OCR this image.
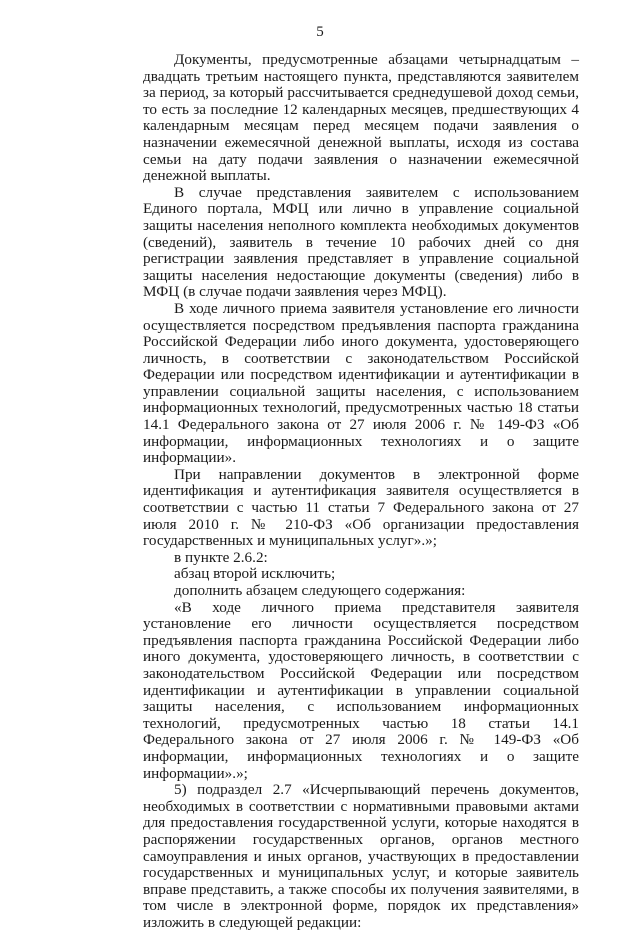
5

Документы, предусмотренные абзацами четырнадцатым – двадцать третьим настоящего пункта, представляются заявителем за период, за который рассчитывается среднедушевой доход семьи, то есть за последние 12 календарных месяцев, предшествующих 4 календарным месяцам перед месяцем подачи заявления о назначении ежемесячной денежной выплаты, исходя из состава семьи на дату подачи заявления о назначении ежемесячной денежной выплаты.

В случае представления заявителем с использованием Единого портала, МФЦ или лично в управление социальной защиты населения неполного комплекта необходимых документов (сведений), заявитель в течение 10 рабочих дней со дня регистрации заявления представляет в управление социальной защиты населения недостающие документы (сведения) либо в МФЦ (в случае подачи заявления через МФЦ).

В ходе личного приема заявителя установление его личности осуществляется посредством предъявления паспорта гражданина Российской Федерации либо иного документа, удостоверяющего личность, в соответствии с законодательством Российской Федерации или посредством идентификации и аутентификации в управлении социальной защиты населения, с использованием информационных технологий, предусмотренных частью 18 статьи 14.1 Федерального закона от 27 июля 2006 г. № 149-ФЗ «Об информации, информационных технологиях и о защите информации».

При направлении документов в электронной форме идентификация и аутентификация заявителя осуществляется в соответствии с частью 11 статьи 7 Федерального закона от 27 июля 2010 г. № 210-ФЗ «Об организации предоставления государственных и муниципальных услуг».»;

в пункте 2.6.2:

абзац второй исключить;

дополнить абзацем следующего содержания:

«В ходе личного приема представителя заявителя установление его личности осуществляется посредством предъявления паспорта гражданина Российской Федерации либо иного документа, удостоверяющего личность, в соответствии с законодательством Российской Федерации или посредством идентификации и аутентификации в управлении социальной защиты населения, с использованием информационных технологий, предусмотренных частью 18 статьи 14.1 Федерального закона от 27 июля 2006 г. № 149-ФЗ «Об информации, информационных технологиях и о защите информации».»;

5) подраздел 2.7 «Исчерпывающий перечень документов, необходимых в соответствии с нормативными правовыми актами для предоставления государственной услуги, которые находятся в распоряжении государственных органов, органов местного самоуправления и иных органов, участвующих в предоставлении государственных и муниципальных услуг, и которые заявитель вправе представить, а также способы их получения заявителями, в том числе в электронной форме, порядок их представления» изложить в следующей редакции:
